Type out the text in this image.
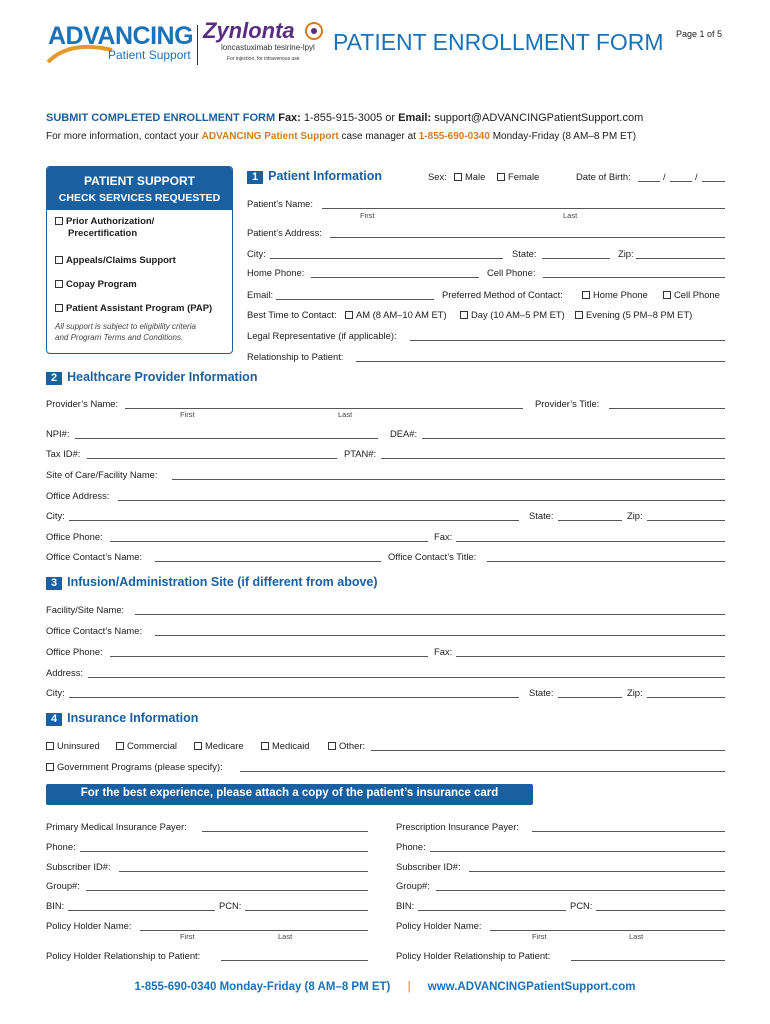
ADVANCING
Patient Support
Zynlonta
loncastuximab tesirine-lpyl
For injection, for intravenous use
PATIENT ENROLLMENT FORM Page 1 of 5
SUBMIT COMPLETED ENROLLMENT FORM Fax: 1-855-915-3005 or Email: support@ADVANCINGPatientSupport.com
For more information, contact your ADVANCING Patient Support case manager at 1-855-690-0340 Monday-Friday (8 AM–8 PM ET)
PATIENT SUPPORT
CHECK SERVICES REQUESTED
Prior Authorization/
Precertification
Appeals/Claims Support
Copay Program
Patient Assistant Program (PAP)
All support is subject to eligibility criteria
and Program Terms and Conditions.
1 Patient Information	Sex:	Male	Female	Date of Birth:	/	/
Patient’s Name:
First	Last
Patient’s Address:
City:	State:	Zip:
Home Phone:	Cell Phone:
Email:	Preferred Method of Contact:	Home Phone	Cell Phone
Best Time to Contact:	AM (8 AM–10 AM ET)	Day (10 AM–5 PM ET)	Evening (5 PM–8 PM ET)
Legal Representative (if applicable):
Relationship to Patient:
2 Healthcare Provider Information
Provider’s Name:	Provider’s Title:
First	Last
NPI#:	DEA#:
Tax ID#:	PTAN#:
Site of Care/Facility Name:
Office Address:
City:	State:	Zip:
Office Phone:	Fax:
Office Contact’s Name:	Office Contact’s Title:
3 Infusion/Administration Site (if different from above)
Facility/Site Name:
Office Contact’s Name:
Office Phone:	Fax:
Address:
City:	State:	Zip:
4 Insurance Information
Uninsured	Commercial	Medicare	Medicaid	Other:
Government Programs (please specify):
For the best experience, please attach a copy of the patient’s insurance card
Primary Medical Insurance Payer:
Phone:
Subscriber ID#:
Group#:
BIN:	PCN:
Policy Holder Name:
First	Last
Policy Holder Relationship to Patient:
Prescription Insurance Payer:
Phone:
Subscriber ID#:
Group#:
BIN:	PCN:
Policy Holder Name:
First	Last
Policy Holder Relationship to Patient:
1-855-690-0340 Monday-Friday (8 AM–8 PM ET) | www.ADVANCINGPatientSupport.com
